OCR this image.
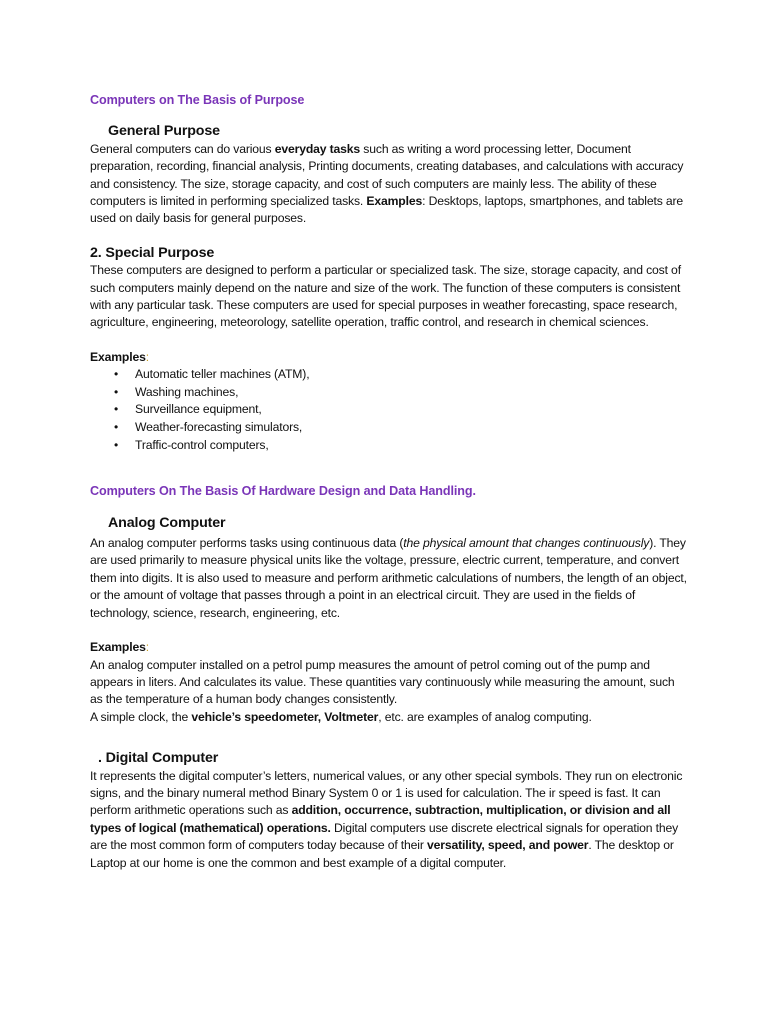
Computers on The Basis of Purpose
General Purpose

General computers can do various everyday tasks such as writing a word processing letter, Document preparation, recording, financial analysis, Printing documents, creating databases, and calculations with accuracy and consistency. The size, storage capacity, and cost of such computers are mainly less. The ability of these computers is limited in performing specialized tasks. Examples: Desktops, laptops, smartphones, and tablets are used on daily basis for general purposes.

2. Special Purpose

These computers are designed to perform a particular or specialized task. The size, storage capacity, and cost of such computers mainly depend on the nature and size of the work. The function of these computers is consistent with any particular task. These computers are used for special purposes in weather forecasting, space research, agriculture, engineering, meteorology, satellite operation, traffic control, and research in chemical sciences.

Examples:

• Automatic teller machines (ATM),
• Washing machines,
• Surveillance equipment,
• Weather-forecasting simulators,
• Traffic-control computers,
Computers On The Basis Of Hardware Design and Data Handling.
Analog Computer

An analog computer performs tasks using continuous data (the physical amount that changes continuously). They are used primarily to measure physical units like the voltage, pressure, electric current, temperature, and convert them into digits. It is also used to measure and perform arithmetic calculations of numbers, the length of an object, or the amount of voltage that passes through a point in an electrical circuit. They are used in the fields of technology, science, research, engineering, etc.

Examples:

An analog computer installed on a petrol pump measures the amount of petrol coming out of the pump and appears in liters. And calculates its value. These quantities vary continuously while measuring the amount, such as the temperature of a human body changes consistently.

A simple clock, the vehicle’s speedometer, Voltmeter, etc. are examples of analog computing.

. Digital Computer

It represents the digital computer’s letters, numerical values, or any other special symbols. They run on electronic signs, and the binary numeral method Binary System 0 or 1 is used for calculation. The ir speed is fast. It can perform arithmetic operations such as addition, occurrence, subtraction, multiplication, or division and all types of logical (mathematical) operations. Digital computers use discrete electrical signals for operation they are the most common form of computers today because of their versatility, speed, and power. The desktop or Laptop at our home is one the common and best example of a digital computer.
